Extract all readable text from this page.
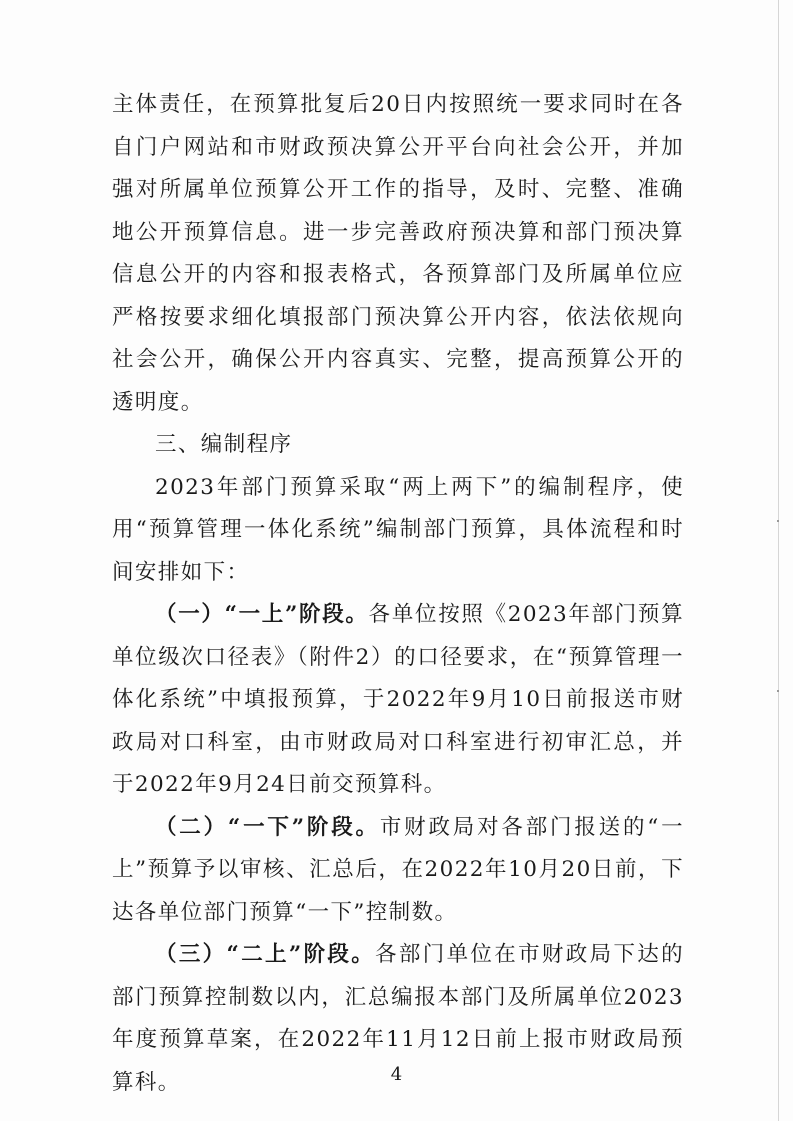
主体责任，在预算批复后20日内按照统一要求同时在各自门户网站和市财政预决算公开平台向社会公开，并加强对所属单位预算公开工作的指导，及时、完整、准确地公开预算信息。进一步完善政府预决算和部门预决算信息公开的内容和报表格式，各预算部门及所属单位应严格按要求细化填报部门预决算公开内容，依法依规向社会公开，确保公开内容真实、完整，提高预算公开的透明度。

三、编制程序

2023年部门预算采取“两上两下”的编制程序，使用“预算管理一体化系统”编制部门预算，具体流程和时间安排如下：

（一）“一上”阶段。各单位按照《2023年部门预算单位级次口径表》（附件2）的口径要求，在“预算管理一体化系统”中填报预算，于2022年9月10日前报送市财政局对口科室，由市财政局对口科室进行初审汇总，并于2022年9月24日前交预算科。

（二）“一下”阶段。市财政局对各部门报送的“一上”预算予以审核、汇总后，在2022年10月20日前，下达各单位部门预算“一下”控制数。

（三）“二上”阶段。各部门单位在市财政局下达的部门预算控制数以内，汇总编报本部门及所属单位2023年度预算草案，在2022年11月12日前上报市财政局预算科。	4
